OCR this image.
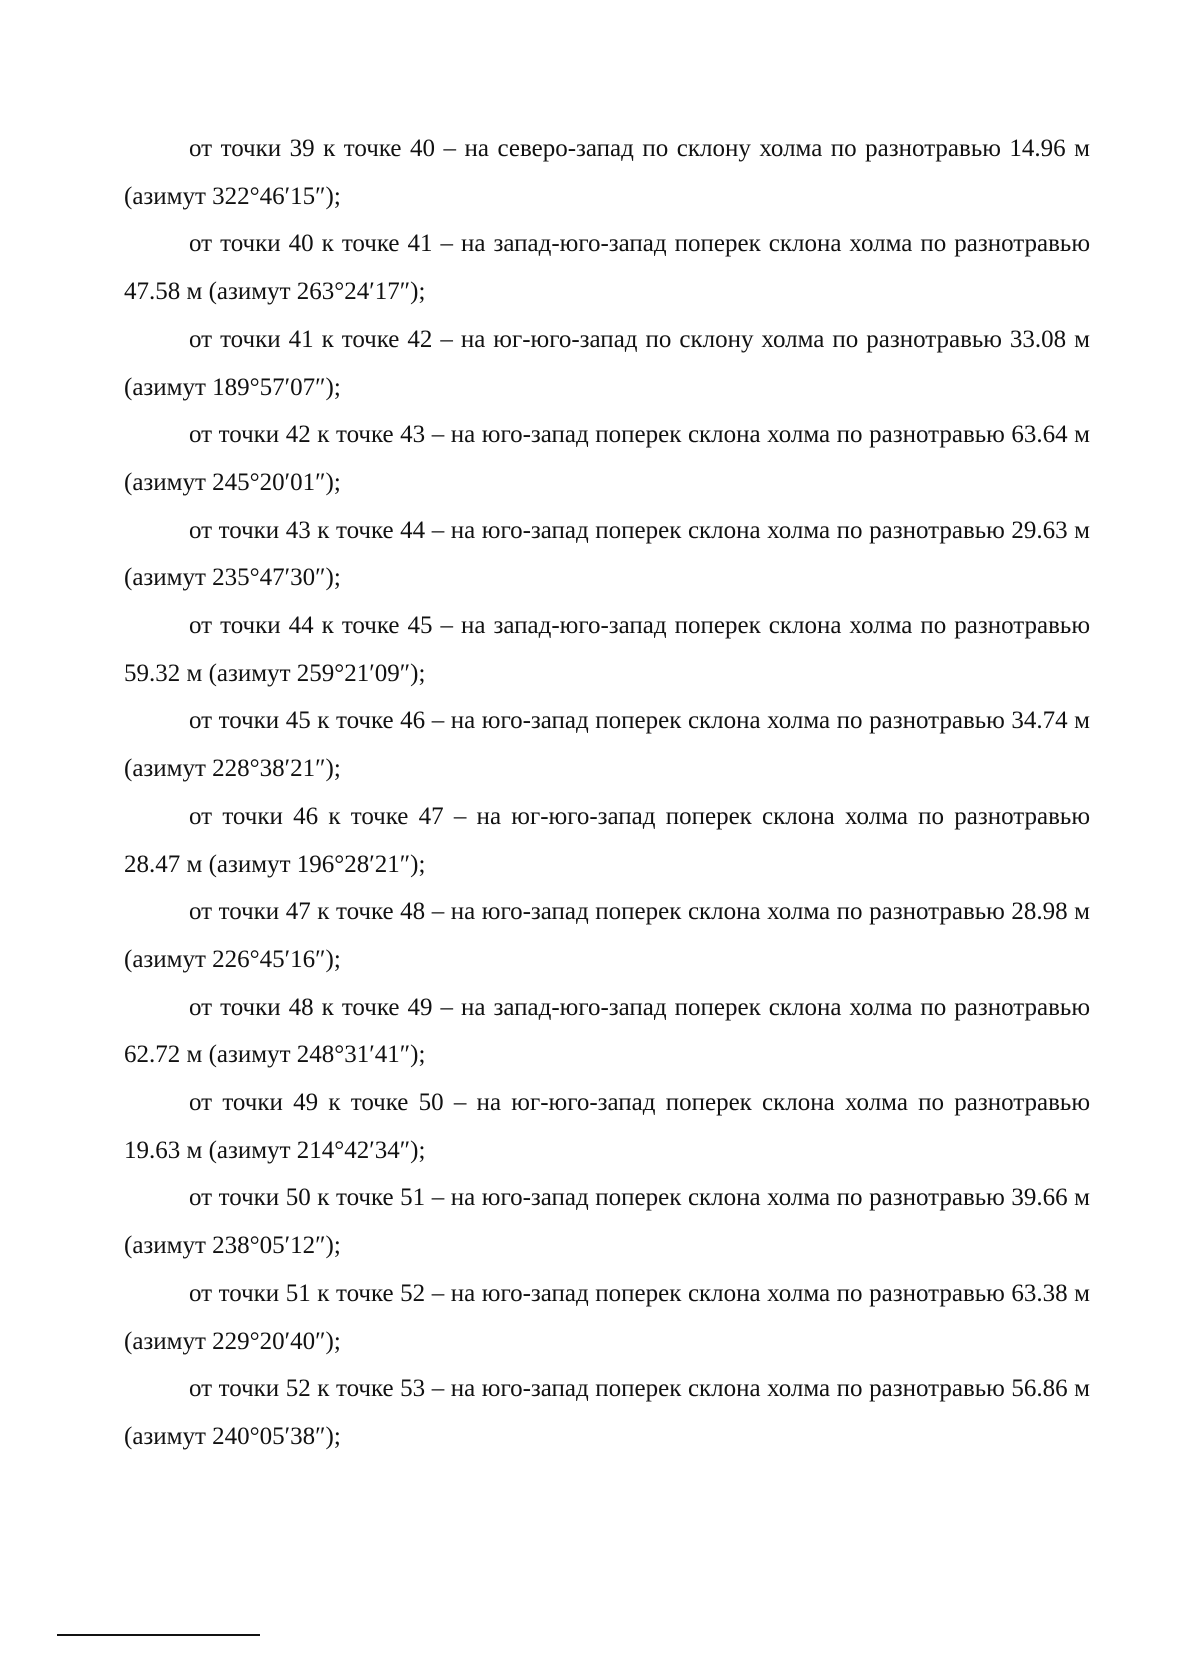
от точки 39 к точке 40 – на северо-запад по склону холма по разнотравью 14.96 м (азимут 322°46′15″);

от точки 40 к точке 41 – на запад-юго-запад поперек склона холма по разнотравью 47.58 м (азимут 263°24′17″);

от точки 41 к точке 42 – на юг-юго-запад по склону холма по разнотравью 33.08 м (азимут 189°57′07″);

от точки 42 к точке 43 – на юго-запад поперек склона холма по разнотравью 63.64 м (азимут 245°20′01″);

от точки 43 к точке 44 – на юго-запад поперек склона холма по разнотравью 29.63 м (азимут 235°47′30″);

от точки 44 к точке 45 – на запад-юго-запад поперек склона холма по разнотравью 59.32 м (азимут 259°21′09″);

от точки 45 к точке 46 – на юго-запад поперек склона холма по разнотравью 34.74 м (азимут 228°38′21″);

от точки 46 к точке 47 – на юг-юго-запад поперек склона холма по разнотравью 28.47 м (азимут 196°28′21″);

от точки 47 к точке 48 – на юго-запад поперек склона холма по разнотравью 28.98 м (азимут 226°45′16″);

от точки 48 к точке 49 – на запад-юго-запад поперек склона холма по разнотравью 62.72 м (азимут 248°31′41″);

от точки 49 к точке 50 – на юг-юго-запад поперек склона холма по разнотравью 19.63 м (азимут 214°42′34″);

от точки 50 к точке 51 – на юго-запад поперек склона холма по разнотравью 39.66 м (азимут 238°05′12″);

от точки 51 к точке 52 – на юго-запад поперек склона холма по разнотравью 63.38 м (азимут 229°20′40″);

от точки 52 к точке 53 – на юго-запад поперек склона холма по разнотравью 56.86 м (азимут 240°05′38″);
